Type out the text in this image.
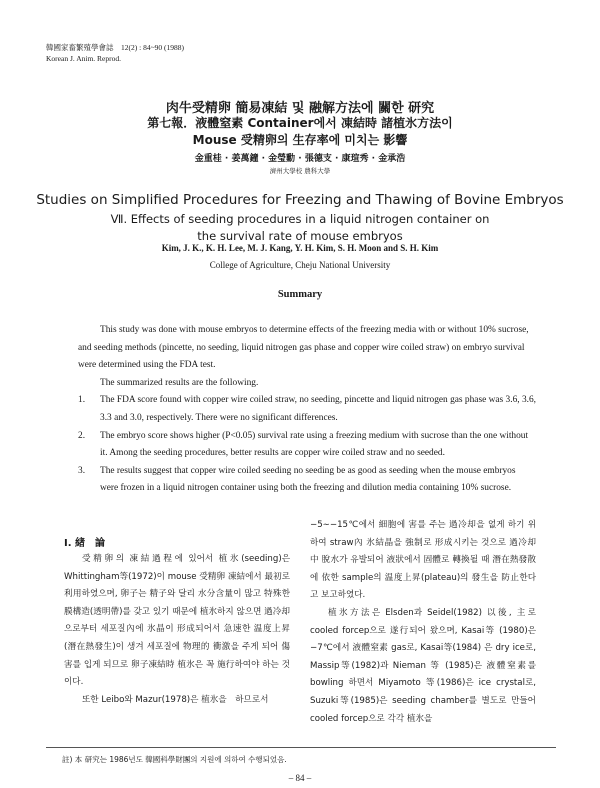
韓國家畜繁殖學會誌　12(2) : 84~90 (1988)
Korean J. Anim. Reprod.
肉牛受精卵 簡易凍結 및 融解方法에 關한 研究
第七報．液體窒素 Container에서 凍結時 諸植氷方法이
Mouse 受精卵의 生存率에 미치는 影響
金重桂 · 姜萬鐘 · 金瑩勳 · 張德支 · 康瑄秀 · 金承浩
濟州大學校 農科大學
Studies on Simplified Procedures for Freezing and Thawing of Bovine Embryos
Ⅶ. Effects of seeding procedures in a liquid nitrogen container on
the survival rate of mouse embryos
Kim, J. K., K. H. Lee, M. J. Kang, Y. H. Kim, S. H. Moon and S. H. Kim
College of Agriculture, Cheju National University
Summary

This study was done with mouse embryos to determine effects of the freezing media with or without 10% sucrose, and seeding methods (pincette, no seeding, liquid nitrogen gas phase and copper wire coiled straw) on embryo survival were determined using the FDA test.

The summarized results are the following.

1. The FDA score found with copper wire coiled straw, no seeding, pincette and liquid nitrogen gas phase was 3.6, 3.6, 3.3 and 3.0, respectively. There were no significant differences.
2. The embryo score shows higher (P<0.05) survival rate using a freezing medium with sucrose than the one without it. Among the seeding procedures, better results are copper wire coiled straw and no seeded.
3. The results suggest that copper wire coiled seeding no seeding be as good as seeding when the mouse embryos were frozen in a liquid nitrogen container using both the freezing and dilution media containing 10% sucrose.
Ⅰ. 緖　論

受精卵의 凍結過程에 있어서 植氷(seeding)은 Whittingham等(1972)이 mouse 受精卵 凍結에서 最初로 利用하였으며, 卵子는 精子와 달리 水分含量이 많고 特殊한 膜構造(透明帶)를 갖고 있기 때문에 植氷하지 않으면 過冷却으로부터 세포질內에 氷晶이 形成되어서 急速한 温度上昇(潛在熱發生)이 생겨 세포질에 物理的 衝激을 주게 되어 傷害를 입게 되므로 卵子凍結時 植氷은 꼭 施行하여야 하는 것이다.

또한 Leibo와 Mazur(1978)은 植氷을　하므로서

−5∼−15℃에서 細胞에 害를 주는 過冷却을 없게 하기 위하여 straw內 氷結晶을 強制로 形成시키는 것으로 過冷却中 脫水가 유발되어 液狀에서 固體로 轉換될 때 潛在熱發散에 依한 sample의 温度上昇(plateau)의 發生을 防止한다고 보고하였다.

植氷方法은 Elsden과 Seidel(1982) 以後, 主로 cooled forcep으로 遂行되어 왔으며, Kasai等 (1980)은 −7℃에서 液體窒素 gas로, Kasai等(1984) 은 dry ice로, Massip等(1982)과 Nieman 等 (1985)은 液體窒素를 bowling 하면서 Miyamoto 等(1986)은 ice crystal로, Suzuki等(1985)은 seeding chamber를 별도로 만들어 cooled forcep으로 각각 植氷을

註) 本 研究는 1986년도 韓國科學財團의 지원에 의하여 수행되었음.
– 84 –
